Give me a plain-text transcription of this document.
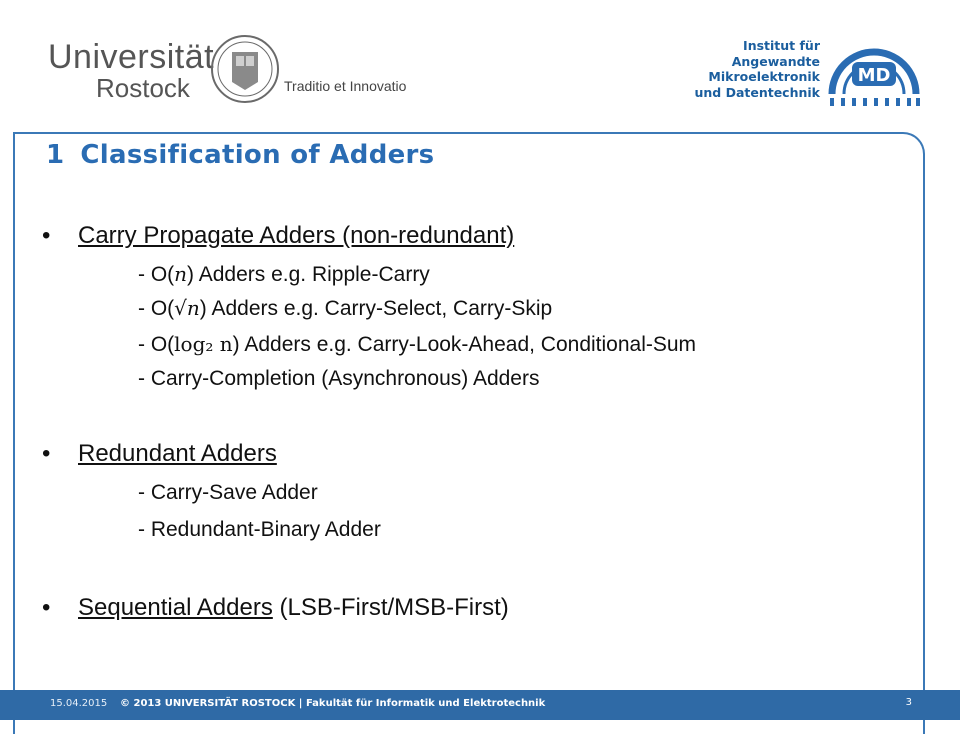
Universität
Rostock	Traditio et Innovatio
Institut für
Angewandte
Mikroelektronik
und Datentechnik
MD
1 Classification of Adders
• Carry Propagate Adders (non-redundant)
- O(n) Adders e.g. Ripple-Carry
- O(√n) Adders e.g. Carry-Select, Carry-Skip
- O(log₂ n) Adders e.g. Carry-Look-Ahead, Conditional-Sum
- Carry-Completion (Asynchronous) Adders
• Redundant Adders
- Carry-Save Adder
- Redundant-Binary Adder
• Sequential Adders (LSB-First/MSB-First)
15.04.2015 © 2013 UNIVERSITÄT ROSTOCK | Fakultät für Informatik und Elektrotechnik	3
